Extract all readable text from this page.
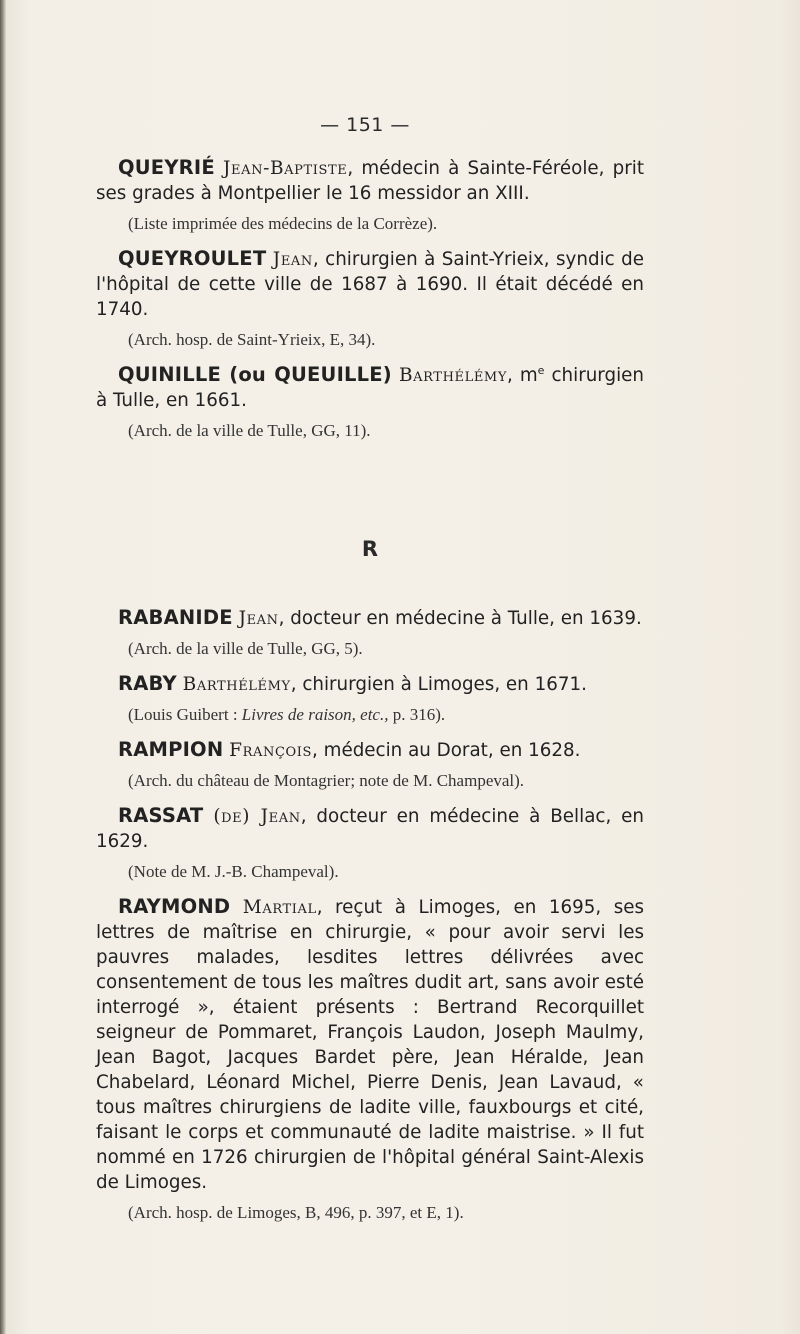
— 151 —

QUEYRIÉ Jean-Baptiste, médecin à Sainte-Féréole, prit ses grades à Montpellier le 16 messidor an XIII.

(Liste imprimée des médecins de la Corrèze).

QUEYROULET Jean, chirurgien à Saint-Yrieix, syndic de l'hôpital de cette ville de 1687 à 1690. Il était décédé en 1740.

(Arch. hosp. de Saint-Yrieix, E, 34).

QUINILLE (ou QUEUILLE) Barthélémy, $m^e$ chirurgien à Tulle, en 1661.

(Arch. de la ville de Tulle, GG, 11).

R

RABANIDE Jean, docteur en médecine à Tulle, en 1639.

(Arch. de la ville de Tulle, GG, 5).

RABY Barthélémy, chirurgien à Limoges, en 1671.

(Louis Guibert : Livres de raison, etc., p. 316).

RAMPION François, médecin au Dorat, en 1628.

(Arch. du château de Montagrier; note de M. Champeval).

RASSAT (de) Jean, docteur en médecine à Bellac, en 1629.

(Note de M. J.-B. Champeval).

RAYMOND Martial, reçut à Limoges, en 1695, ses lettres de maîtrise en chirurgie, « pour avoir servi les pauvres malades, lesdites lettres délivrées avec consentement de tous les maîtres dudit art, sans avoir esté interrogé », étaient présents : Bertrand Recorquillet seigneur de Pommaret, François Laudon, Joseph Maulmy, Jean Bagot, Jacques Bardet père, Jean Héralde, Jean Chabelard, Léonard Michel, Pierre Denis, Jean Lavaud, « tous maîtres chirurgiens de ladite ville, fauxbourgs et cité, faisant le corps et communauté de ladite maistrise. » Il fut nommé en 1726 chirurgien de l'hôpital général Saint-Alexis de Limoges.

(Arch. hosp. de Limoges, B, 496, p. 397, et E, 1).
